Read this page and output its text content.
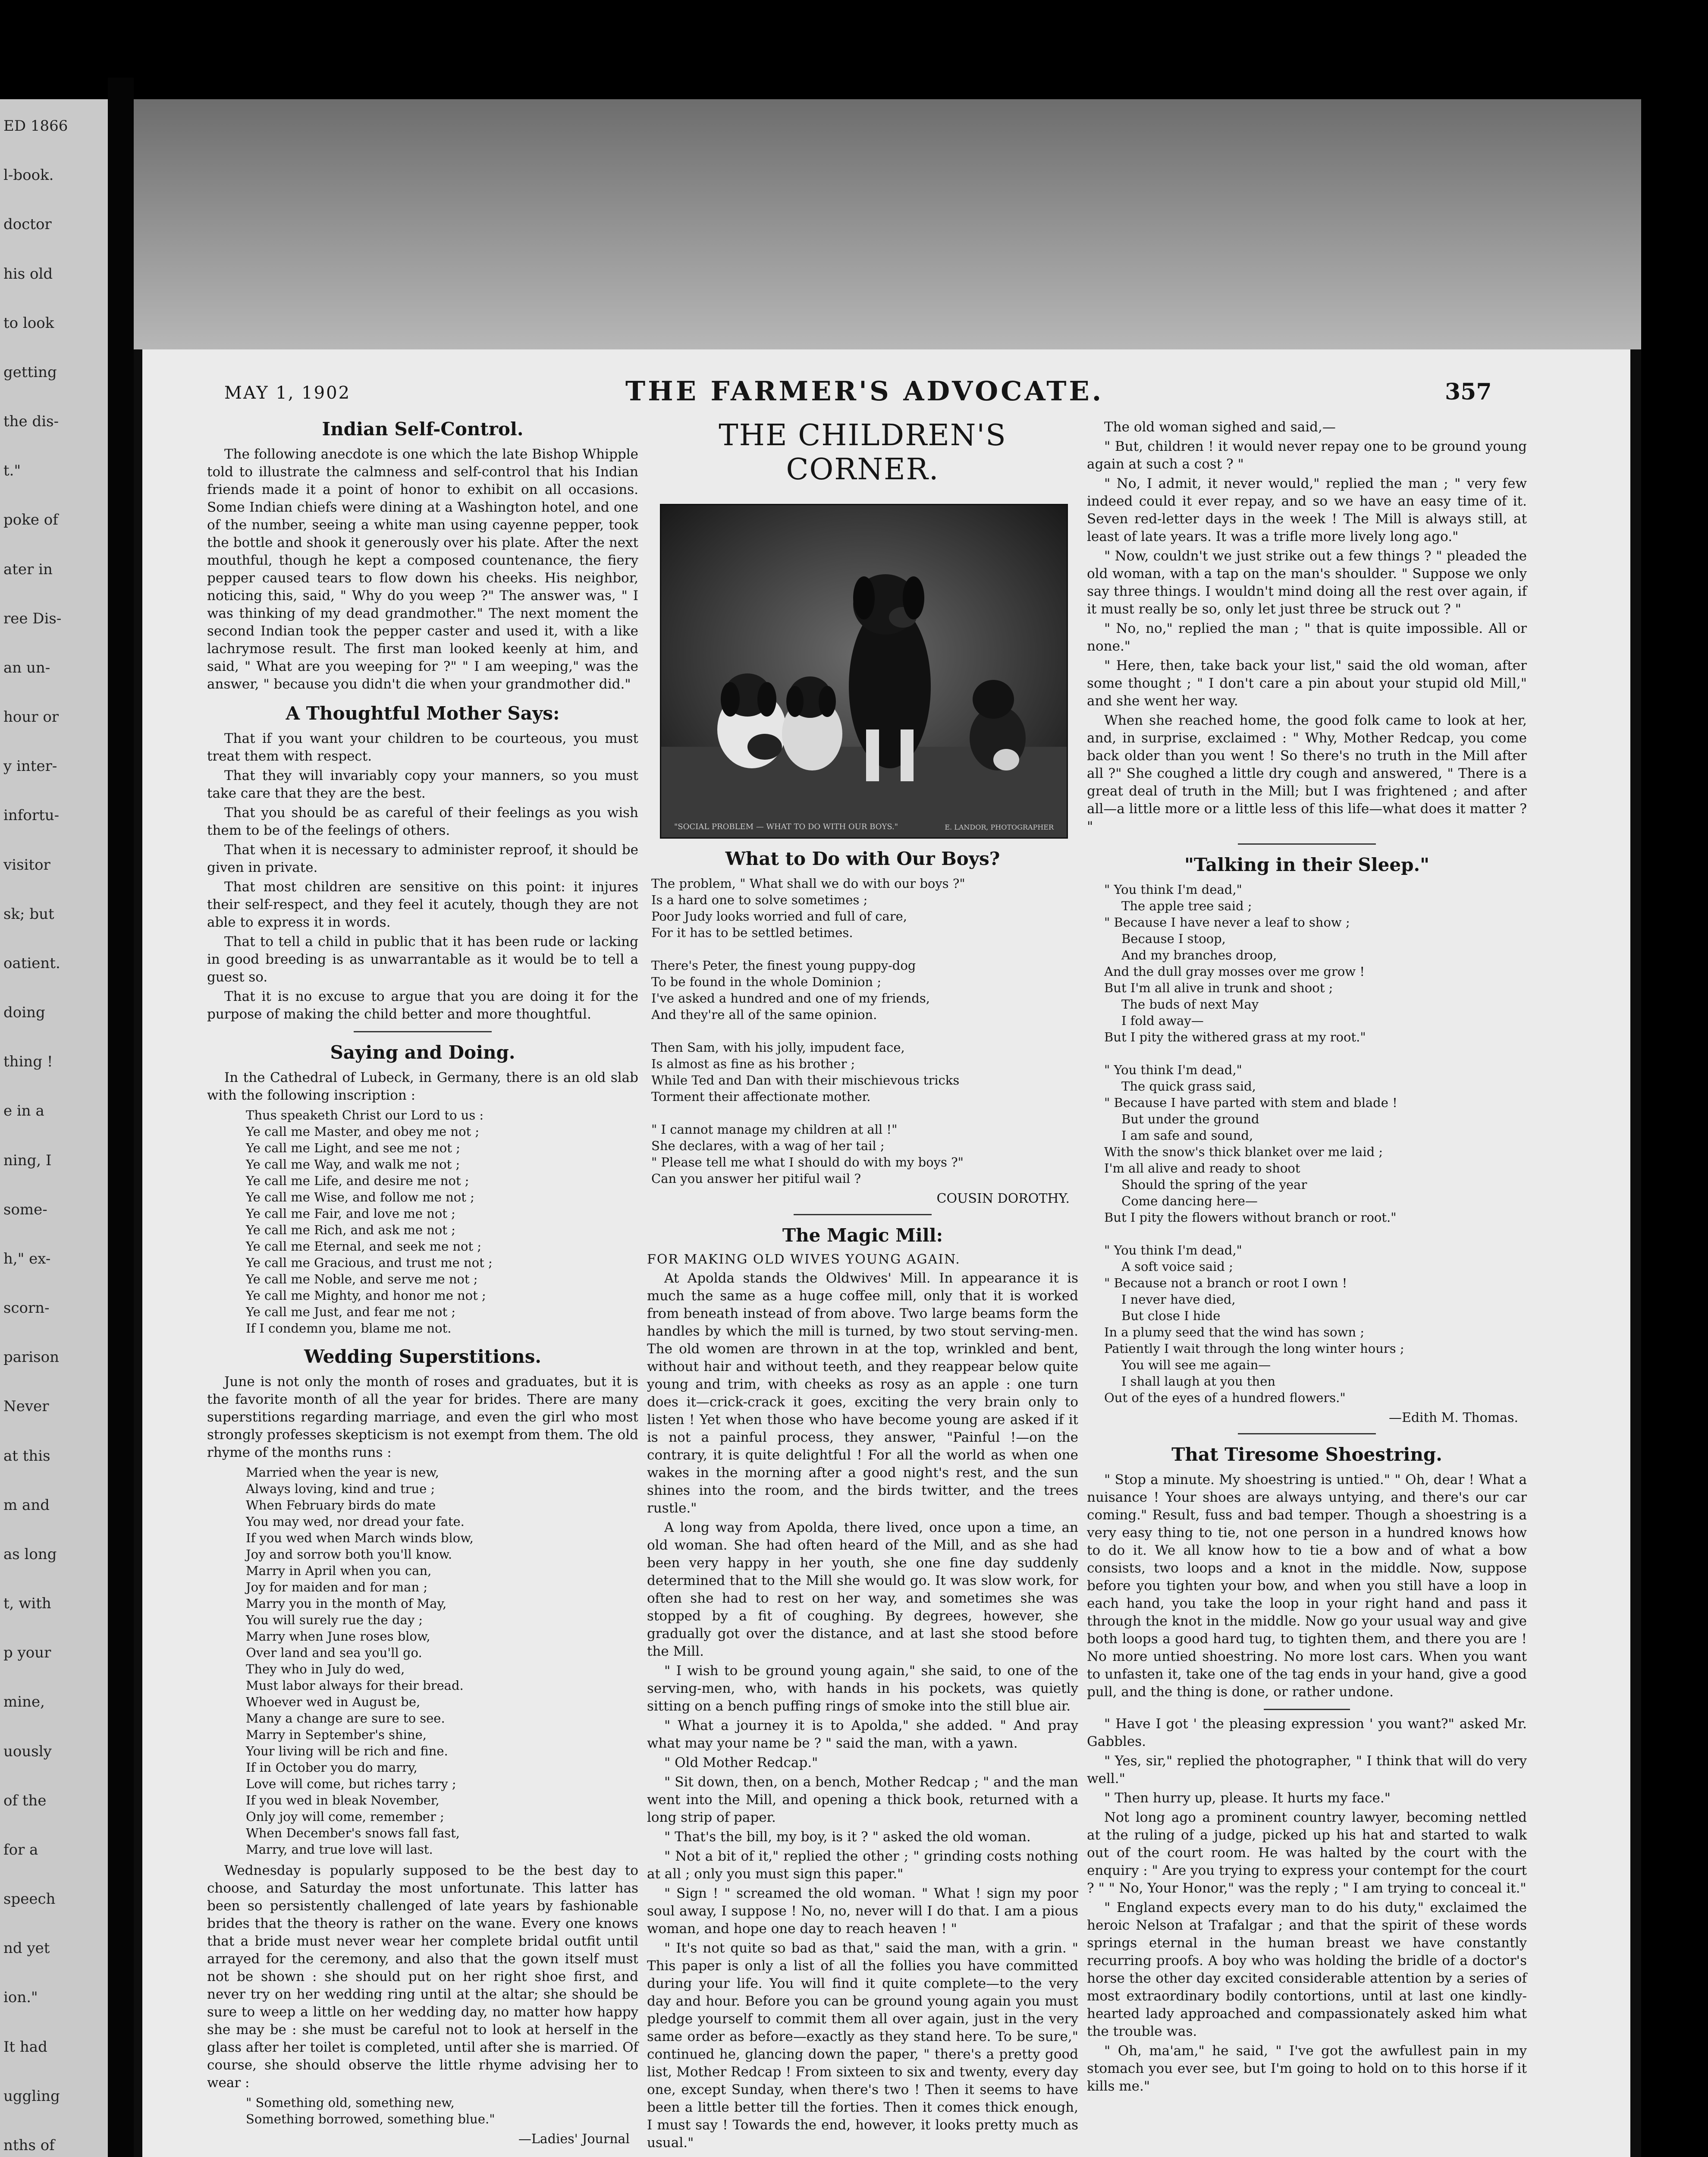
ED 1866
l-book.
doctor
his old
to look
getting
the dis-
t."
poke of
ater in
ree Dis-
an un-
hour or
y inter-
infortu-
visitor
sk; but
oatient.
doing
thing !
e in a
ning, I
some-
h," ex-
scorn-
parison
Never
at this
m and
as long
t, with
p your
mine,
uously
of the
for a
speech
nd yet
ion."
It had
uggling
nths of
MAY 1, 1902	THE FARMER'S ADVOCATE.	357
Indian Self-Control.

The following anecdote is one which the late Bishop Whipple told to illustrate the calmness and self-control that his Indian friends made it a point of honor to exhibit on all occasions. Some Indian chiefs were dining at a Washington hotel, and one of the number, seeing a white man using cayenne pepper, took the bottle and shook it generously over his plate. After the next mouthful, though he kept a composed countenance, the fiery pepper caused tears to flow down his cheeks. His neighbor, noticing this, said, " Why do you weep ?" The answer was, " I was thinking of my dead grandmother." The next moment the second Indian took the pepper caster and used it, with a like lachrymose result. The first man looked keenly at him, and said, " What are you weeping for ?" " I am weeping," was the answer, " because you didn't die when your grandmother did."

A Thoughtful Mother Says:

That if you want your children to be courteous, you must treat them with respect.

That they will invariably copy your manners, so you must take care that they are the best.

That you should be as careful of their feelings as you wish them to be of the feelings of others.

That when it is necessary to administer reproof, it should be given in private.

That most children are sensitive on this point: it injures their self-respect, and they feel it acutely, though they are not able to express it in words.

That to tell a child in public that it has been rude or lacking in good breeding is as unwarrantable as it would be to tell a guest so.

That it is no excuse to argue that you are doing it for the purpose of making the child better and more thoughtful.

Saying and Doing.

In the Cathedral of Lubeck, in Germany, there is an old slab with the following inscription :

Thus speaketh Christ our Lord to us :
Ye call me Master, and obey me not ;
Ye call me Light, and see me not ;
Ye call me Way, and walk me not ;
Ye call me Life, and desire me not ;
Ye call me Wise, and follow me not ;
Ye call me Fair, and love me not ;
Ye call me Rich, and ask me not ;
Ye call me Eternal, and seek me not ;
Ye call me Gracious, and trust me not ;
Ye call me Noble, and serve me not ;
Ye call me Mighty, and honor me not ;
Ye call me Just, and fear me not ;
If I condemn you, blame me not.
Wedding Superstitions.

June is not only the month of roses and graduates, but it is the favorite month of all the year for brides. There are many superstitions regarding marriage, and even the girl who most strongly professes skepticism is not exempt from them. The old rhyme of the months runs :

Married when the year is new,
Always loving, kind and true ;
When February birds do mate
You may wed, nor dread your fate.
If you wed when March winds blow,
Joy and sorrow both you'll know.
Marry in April when you can,
Joy for maiden and for man ;
Marry you in the month of May,
You will surely rue the day ;
Marry when June roses blow,
Over land and sea you'll go.
They who in July do wed,
Must labor always for their bread.
Whoever wed in August be,
Many a change are sure to see.
Marry in September's shine,
Your living will be rich and fine.
If in October you do marry,
Love will come, but riches tarry ;
If you wed in bleak November,
Only joy will come, remember ;
When December's snows fall fast,
Marry, and true love will last.

Wednesday is popularly supposed to be the best day to choose, and Saturday the most unfortunate. This latter has been so persistently challenged of late years by fashionable brides that the theory is rather on the wane. Every one knows that a bride must never wear her complete bridal outfit until arrayed for the ceremony, and also that the gown itself must not be shown : she should put on her right shoe first, and never try on her wedding ring until at the altar; she should be sure to weep a little on her wedding day, no matter how happy she may be : she must be careful not to look at herself in the glass after her toilet is completed, until after she is married. Of course, she should observe the little rhyme advising her to wear :

" Something old, something new,
Something borrowed, something blue."
—Ladies' Journal
THE CHILDREN'S CORNER.
"SOCIAL PROBLEM — WHAT TO DO WITH OUR BOYS."	E. LANDOR, PHOTOGRAPHER
What to Do with Our Boys?
The problem, " What shall we do with our boys ?"
Is a hard one to solve sometimes ;
Poor Judy looks worried and full of care,
For it has to be settled betimes.

There's Peter, the finest young puppy-dog
To be found in the whole Dominion ;
I've asked a hundred and one of my friends,
And they're all of the same opinion.

Then Sam, with his jolly, impudent face,
Is almost as fine as his brother ;
While Ted and Dan with their mischievous tricks
Torment their affectionate mother.

" I cannot manage my children at all !"
She declares, with a wag of her tail ;
" Please tell me what I should do with my boys ?"
Can you answer her pitiful wail ?
COUSIN DOROTHY.
The Magic Mill:
FOR MAKING OLD WIVES YOUNG AGAIN.

At Apolda stands the Oldwives' Mill. In appearance it is much the same as a huge coffee mill, only that it is worked from beneath instead of from above. Two large beams form the handles by which the mill is turned, by two stout serving-men. The old women are thrown in at the top, wrinkled and bent, without hair and without teeth, and they reappear below quite young and trim, with cheeks as rosy as an apple : one turn does it—crick-crack it goes, exciting the very brain only to listen ! Yet when those who have become young are asked if it is not a painful process, they answer, "Painful !—on the contrary, it is quite delightful ! For all the world as when one wakes in the morning after a good night's rest, and the sun shines into the room, and the birds twitter, and the trees rustle."

A long way from Apolda, there lived, once upon a time, an old woman. She had often heard of the Mill, and as she had been very happy in her youth, she one fine day suddenly determined that to the Mill she would go. It was slow work, for often she had to rest on her way, and sometimes she was stopped by a fit of coughing. By degrees, however, she gradually got over the distance, and at last she stood before the Mill.

" I wish to be ground young again," she said, to one of the serving-men, who, with hands in his pockets, was quietly sitting on a bench puffing rings of smoke into the still blue air.

" What a journey it is to Apolda," she added. " And pray what may your name be ? " said the man, with a yawn.

" Old Mother Redcap."

" Sit down, then, on a bench, Mother Redcap ; " and the man went into the Mill, and opening a thick book, returned with a long strip of paper.

" That's the bill, my boy, is it ? " asked the old woman.

" Not a bit of it," replied the other ; " grinding costs nothing at all ; only you must sign this paper."

" Sign ! " screamed the old woman. " What ! sign my poor soul away, I suppose ! No, no, never will I do that. I am a pious woman, and hope one day to reach heaven ! "

" It's not quite so bad as that," said the man, with a grin. " This paper is only a list of all the follies you have committed during your life. You will find it quite complete—to the very day and hour. Before you can be ground young again you must pledge yourself to commit them all over again, just in the very same order as before—exactly as they stand here. To be sure," continued he, glancing down the paper, " there's a pretty good list, Mother Redcap ! From sixteen to six and twenty, every day one, except Sunday, when there's two ! Then it seems to have been a little better till the forties. Then it comes thick enough, I must say ! Towards the end, however, it looks pretty much as usual."

The old woman sighed and said,—

" But, children ! it would never repay one to be ground young again at such a cost ? "

" No, I admit, it never would," replied the man ; " very few indeed could it ever repay, and so we have an easy time of it. Seven red-letter days in the week ! The Mill is always still, at least of late years. It was a trifle more lively long ago."

" Now, couldn't we just strike out a few things ? " pleaded the old woman, with a tap on the man's shoulder. " Suppose we only say three things. I wouldn't mind doing all the rest over again, if it must really be so, only let just three be struck out ? "

" No, no," replied the man ; " that is quite impossible. All or none."

" Here, then, take back your list," said the old woman, after some thought ; " I don't care a pin about your stupid old Mill," and she went her way.

When she reached home, the good folk came to look at her, and, in surprise, exclaimed : " Why, Mother Redcap, you come back older than you went ! So there's no truth in the Mill after all ?" She coughed a little dry cough and answered, " There is a great deal of truth in the Mill; but I was frightened ; and after all—a little more or a little less of this life—what does it matter ? "

"Talking in their Sleep."
" You think I'm dead,"
The apple tree said ;
" Because I have never a leaf to show ;
Because I stoop,
And my branches droop,
And the dull gray mosses over me grow !
But I'm all alive in trunk and shoot ;
The buds of next May
I fold away—
But I pity the withered grass at my root."

" You think I'm dead,"
The quick grass said,
" Because I have parted with stem and blade !
But under the ground
I am safe and sound,
With the snow's thick blanket over me laid ;
I'm all alive and ready to shoot
Should the spring of the year
Come dancing here—
But I pity the flowers without branch or root."

" You think I'm dead,"
A soft voice said ;
" Because not a branch or root I own !
I never have died,
But close I hide
In a plumy seed that the wind has sown ;
Patiently I wait through the long winter hours ;
You will see me again—
I shall laugh at you then
Out of the eyes of a hundred flowers."
—Edith M. Thomas.
That Tiresome Shoestring.

" Stop a minute. My shoestring is untied." " Oh, dear ! What a nuisance ! Your shoes are always untying, and there's our car coming." Result, fuss and bad temper. Though a shoestring is a very easy thing to tie, not one person in a hundred knows how to do it. We all know how to tie a bow and of what a bow consists, two loops and a knot in the middle. Now, suppose before you tighten your bow, and when you still have a loop in each hand, you take the loop in your right hand and pass it through the knot in the middle. Now go your usual way and give both loops a good hard tug, to tighten them, and there you are ! No more untied shoestring. No more lost cars. When you want to unfasten it, take one of the tag ends in your hand, give a good pull, and the thing is done, or rather undone.

" Have I got ' the pleasing expression ' you want?" asked Mr. Gabbles.

" Yes, sir," replied the photographer, " I think that will do very well."

" Then hurry up, please. It hurts my face."

Not long ago a prominent country lawyer, becoming nettled at the ruling of a judge, picked up his hat and started to walk out of the court room. He was halted by the court with the enquiry : " Are you trying to express your contempt for the court ? " " No, Your Honor," was the reply ; " I am trying to conceal it."

" England expects every man to do his duty," exclaimed the heroic Nelson at Trafalgar ; and that the spirit of these words springs eternal in the human breast we have constantly recurring proofs. A boy who was holding the bridle of a doctor's horse the other day excited considerable attention by a series of most extraordinary bodily contortions, until at last one kindly-hearted lady approached and compassionately asked him what the trouble was.

" Oh, ma'am," he said, " I've got the awfullest pain in my stomach you ever see, but I'm going to hold on to this horse if it kills me."
